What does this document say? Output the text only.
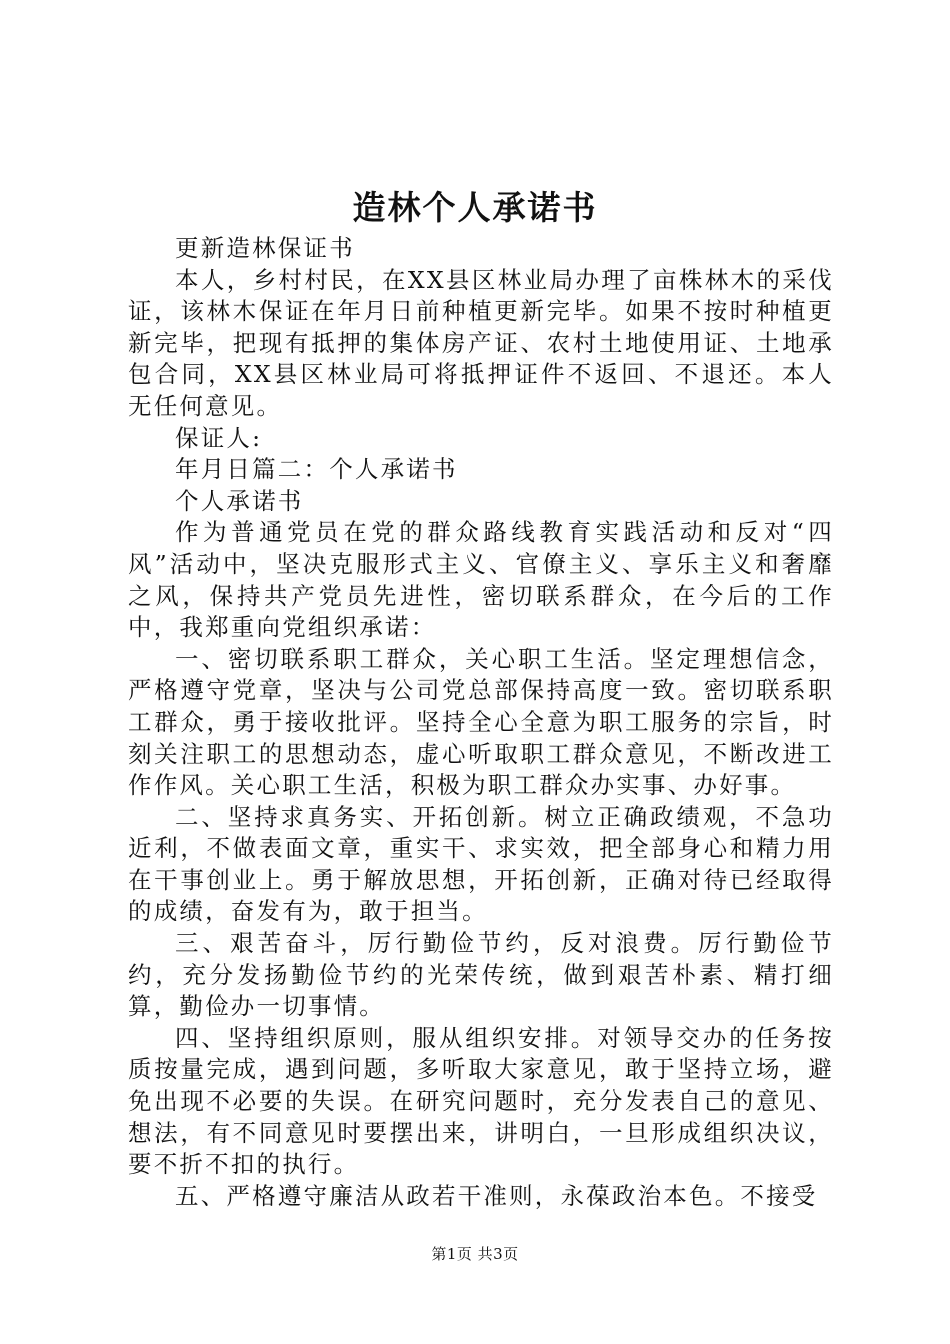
造林个人承诺书

更新造林保证书

本人，乡村村民，在XX县区林业局办理了亩株林木的采伐证，该林木保证在年月日前种植更新完毕。如果不按时种植更新完毕，把现有抵押的集体房产证、农村土地使用证、土地承包合同，XX县区林业局可将抵押证件不返回、不退还。本人无任何意见。

保证人:

年月日篇二：个人承诺书

个人承诺书

作为普通党员在党的群众路线教育实践活动和反对“四风”活动中，坚决克服形式主义、官僚主义、享乐主义和奢靡之风，保持共产党员先进性，密切联系群众，在今后的工作中，我郑重向党组织承诺：

一、密切联系职工群众，关心职工生活。坚定理想信念，严格遵守党章，坚决与公司党总部保持高度一致。密切联系职工群众，勇于接收批评。坚持全心全意为职工服务的宗旨，时刻关注职工的思想动态，虚心听取职工群众意见，不断改进工作作风。关心职工生活，积极为职工群众办实事、办好事。

二、坚持求真务实、开拓创新。树立正确政绩观，不急功近利，不做表面文章，重实干、求实效，把全部身心和精力用在干事创业上。勇于解放思想，开拓创新，正确对待已经取得的成绩，奋发有为，敢于担当。

三、艰苦奋斗，厉行勤俭节约，反对浪费。厉行勤俭节约，充分发扬勤俭节约的光荣传统，做到艰苦朴素、精打细算，勤俭办一切事情。

四、坚持组织原则，服从组织安排。对领导交办的任务按质按量完成，遇到问题，多听取大家意见，敢于坚持立场，避免出现不必要的失误。在研究问题时，充分发表自己的意见、想法，有不同意见时要摆出来，讲明白，一旦形成组织决议，要不折不扣的执行。

五、严格遵守廉洁从政若干准则，永葆政治本色。不接受

第1页 共3页
